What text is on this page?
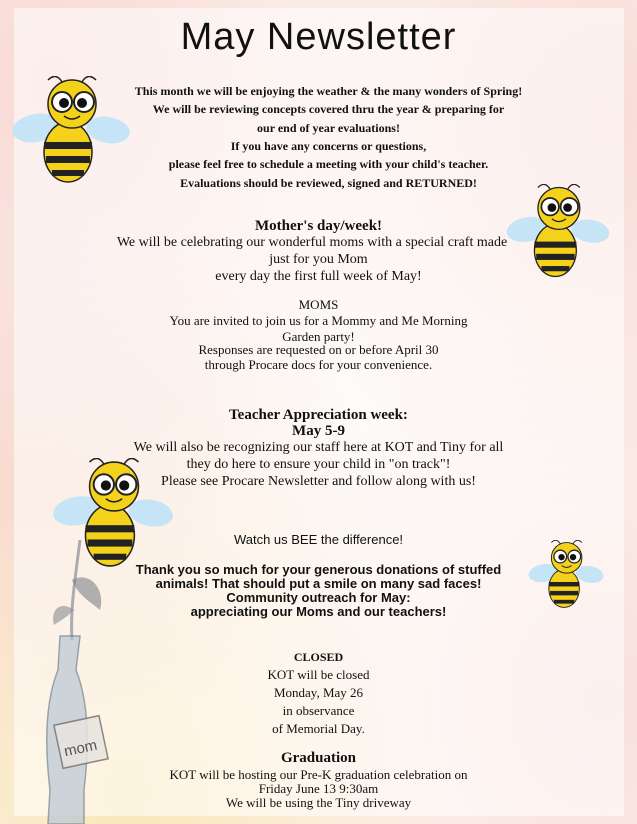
mom
May Newsletter
This month we will be enjoying the weather & the many wonders of Spring!
We will be reviewing concepts covered thru the year & preparing for
our end of year evaluations!
If you have any concerns or questions,
please feel free to schedule a meeting with your child's teacher.
Evaluations should be reviewed, signed and RETURNED!
Mother's day/week!
We will be celebrating our wonderful moms with a special craft made
just for you Mom
every day the first full week of May!
MOMS
You are invited to join us for a Mommy and Me Morning
Garden party!
Responses are requested on or before April 30
through Procare docs for your convenience.
Teacher Appreciation week:
May 5-9
We will also be recognizing our staff here at KOT and Tiny for all
they do here to ensure your child in "on track"!
Please see Procare Newsletter and follow along with us!
Watch us BEE the difference!
Thank you so much for your generous donations of stuffed
animals! That should put a smile on many sad faces!
Community outreach for May:
appreciating our Moms and our teachers!
CLOSED
KOT will be closed
Monday, May 26
in observance
of Memorial Day.
Graduation
KOT will be hosting our Pre-K graduation celebration on
Friday June 13 9:30am
We will be using the Tiny driveway
